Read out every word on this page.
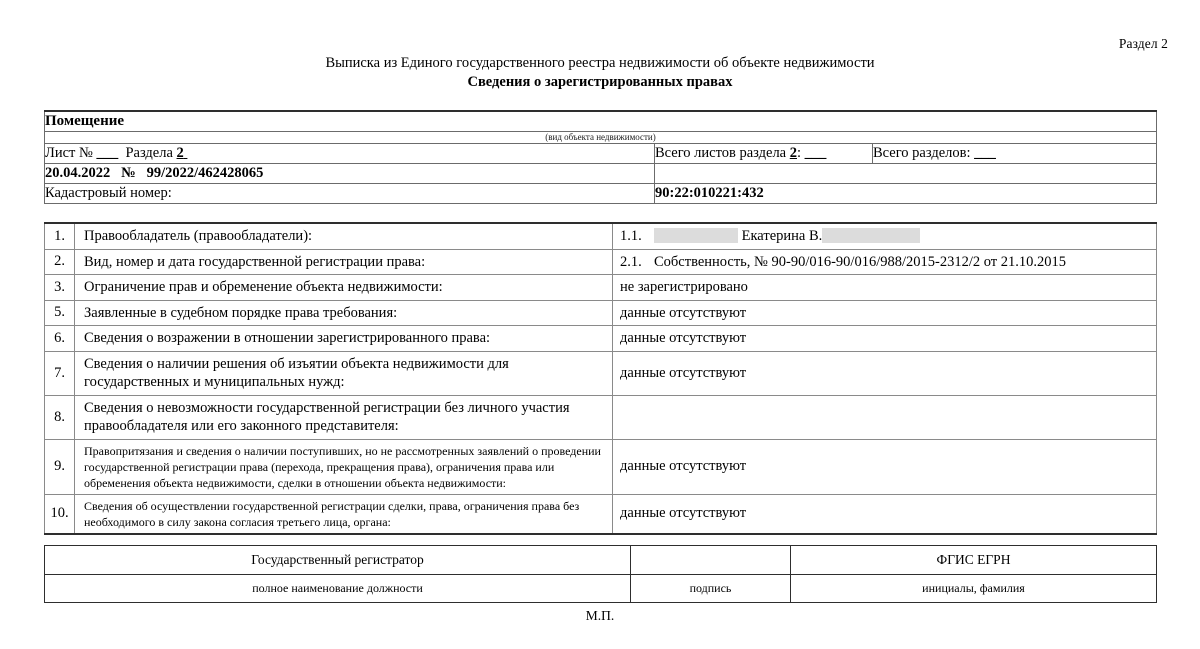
Раздел 2
Выписка из Единого государственного реестра недвижимости об объекте недвижимости
Сведения о зарегистрированных правах
Помещение		
(вид объекта недвижимости)		
Лист № ___ Раздела 2	Всего листов раздела 2: ___	Всего разделов: ___
20.04.2022 № 99/2022/462428065		
Кадастровый номер:	90:22:010221:432	
1.	Правообладатель (правообладатели):	1.1. Екатерина В.
2.	Вид, номер и дата государственной регистрации права:	2.1. Собственность, № 90-90/016-90/016/988/2015-2312/2 от 21.10.2015
3.	Ограничение прав и обременение объекта недвижимости:	не зарегистрировано
5.	Заявленные в судебном порядке права требования:	данные отсутствуют
6.	Сведения о возражении в отношении зарегистрированного права:	данные отсутствуют
7.	Сведения о наличии решения об изъятии объекта недвижимости для государственных и муниципальных нужд:	данные отсутствуют
8.	Сведения о невозможности государственной регистрации без личного участия правообладателя или его законного представителя:	
9.	Правопритязания и сведения о наличии поступивших, но не рассмотренных заявлений о проведении государственной регистрации права (перехода, прекращения права), ограничения права или обременения объекта недвижимости, сделки в отношении объекта недвижимости:	данные отсутствуют
10.	Сведения об осуществлении государственной регистрации сделки, права, ограничения права без необходимого в силу закона согласия третьего лица, органа:	данные отсутствуют
Государственный регистратор		ФГИС ЕГРН
полное наименование должности	подпись	инициалы, фамилия
М.П.
